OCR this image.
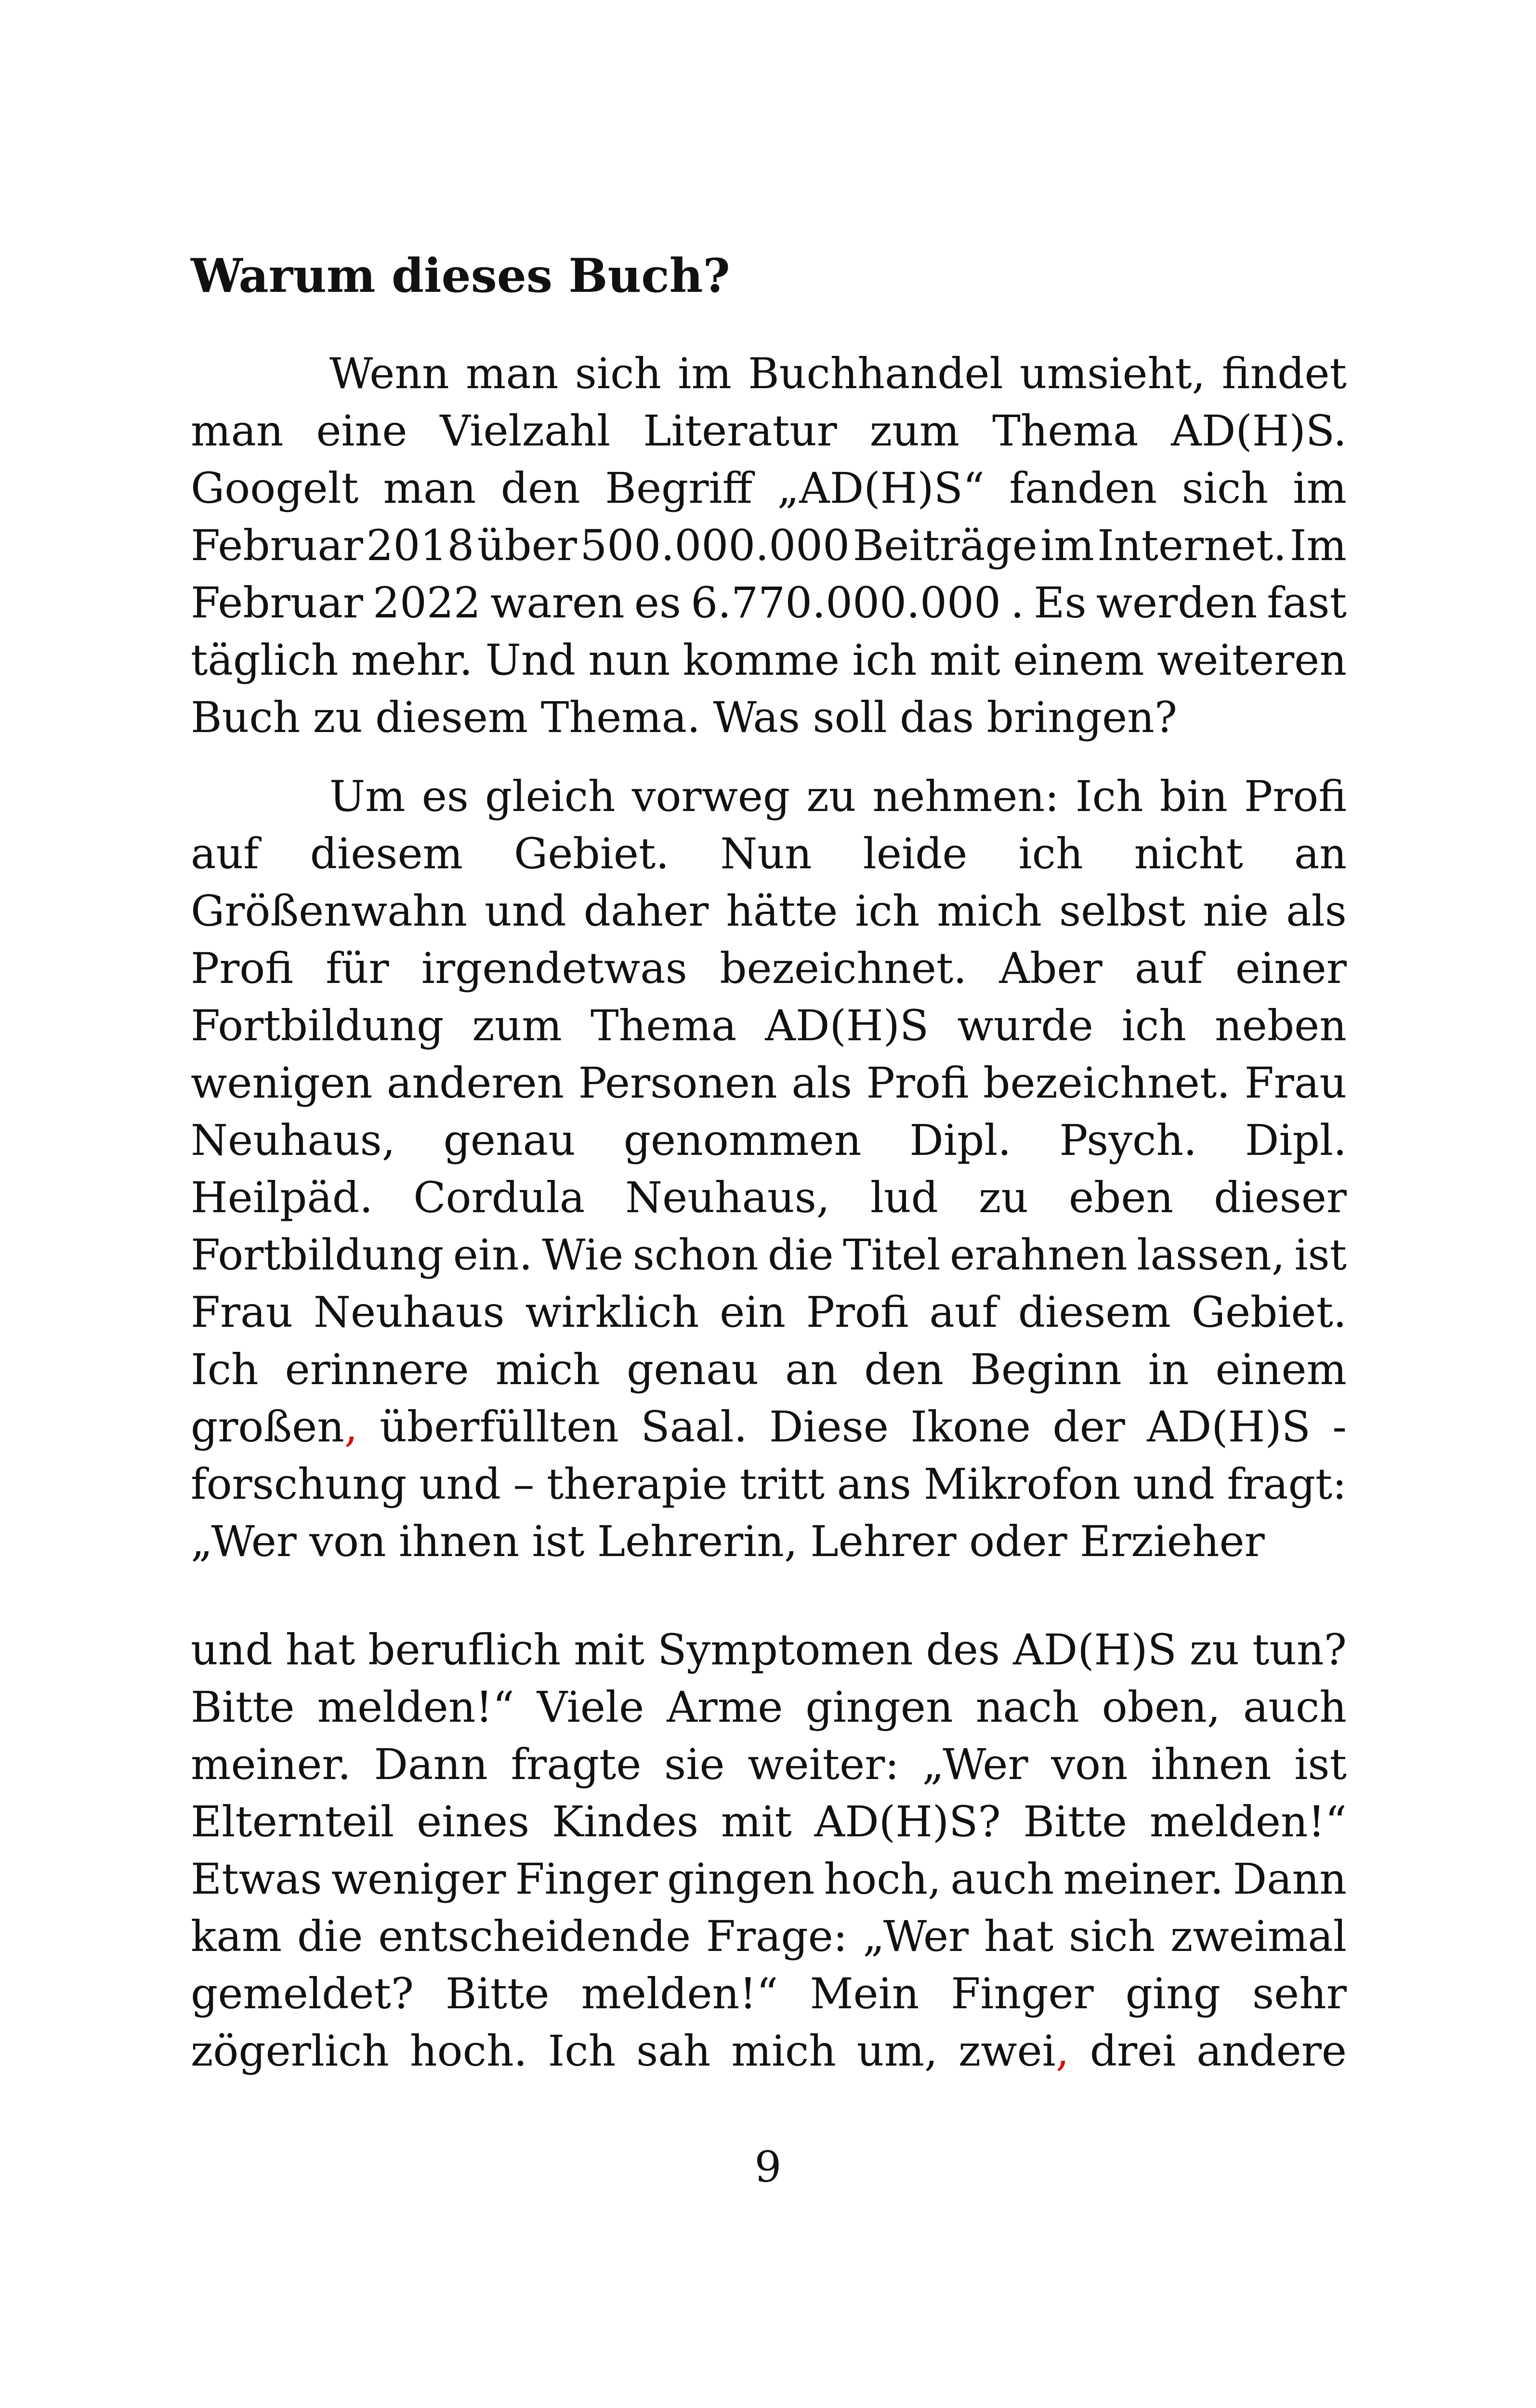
Warum dieses Buch?
Wenn man sich im Buchhandel umsieht, findet
man eine Vielzahl Literatur zum Thema AD(H)S.
Googelt man den Begriff „AD(H)S“ fanden sich im
Februar 2018 über 500.000.000 Beiträge im Internet. Im
Februar 2022 waren es 6.770.000.000 . Es werden fast
täglich mehr. Und nun komme ich mit einem weiteren
Buch zu diesem Thema. Was soll das bringen?
Um es gleich vorweg zu nehmen: Ich bin Profi
auf diesem Gebiet. Nun leide ich nicht an
Größenwahn und daher hätte ich mich selbst nie als
Profi für irgendetwas bezeichnet. Aber auf einer
Fortbildung zum Thema AD(H)S wurde ich neben
wenigen anderen Personen als Profi bezeichnet. Frau
Neuhaus, genau genommen Dipl. Psych. Dipl.
Heilpäd. Cordula Neuhaus, lud zu eben dieser
Fortbildung ein. Wie schon die Titel erahnen lassen, ist
Frau Neuhaus wirklich ein Profi auf diesem Gebiet.
Ich erinnere mich genau an den Beginn in einem
großen, überfüllten Saal. Diese Ikone der AD(H)S -
forschung und – therapie tritt ans Mikrofon und fragt:
„Wer von ihnen ist Lehrerin, Lehrer oder Erzieher
und hat beruflich mit Symptomen des AD(H)S zu tun?
Bitte melden!“ Viele Arme gingen nach oben, auch
meiner. Dann fragte sie weiter: „Wer von ihnen ist
Elternteil eines Kindes mit AD(H)S? Bitte melden!“
Etwas weniger Finger gingen hoch, auch meiner. Dann
kam die entscheidende Frage: „Wer hat sich zweimal
gemeldet? Bitte melden!“ Mein Finger ging sehr
zögerlich hoch. Ich sah mich um, zwei, drei andere
9
